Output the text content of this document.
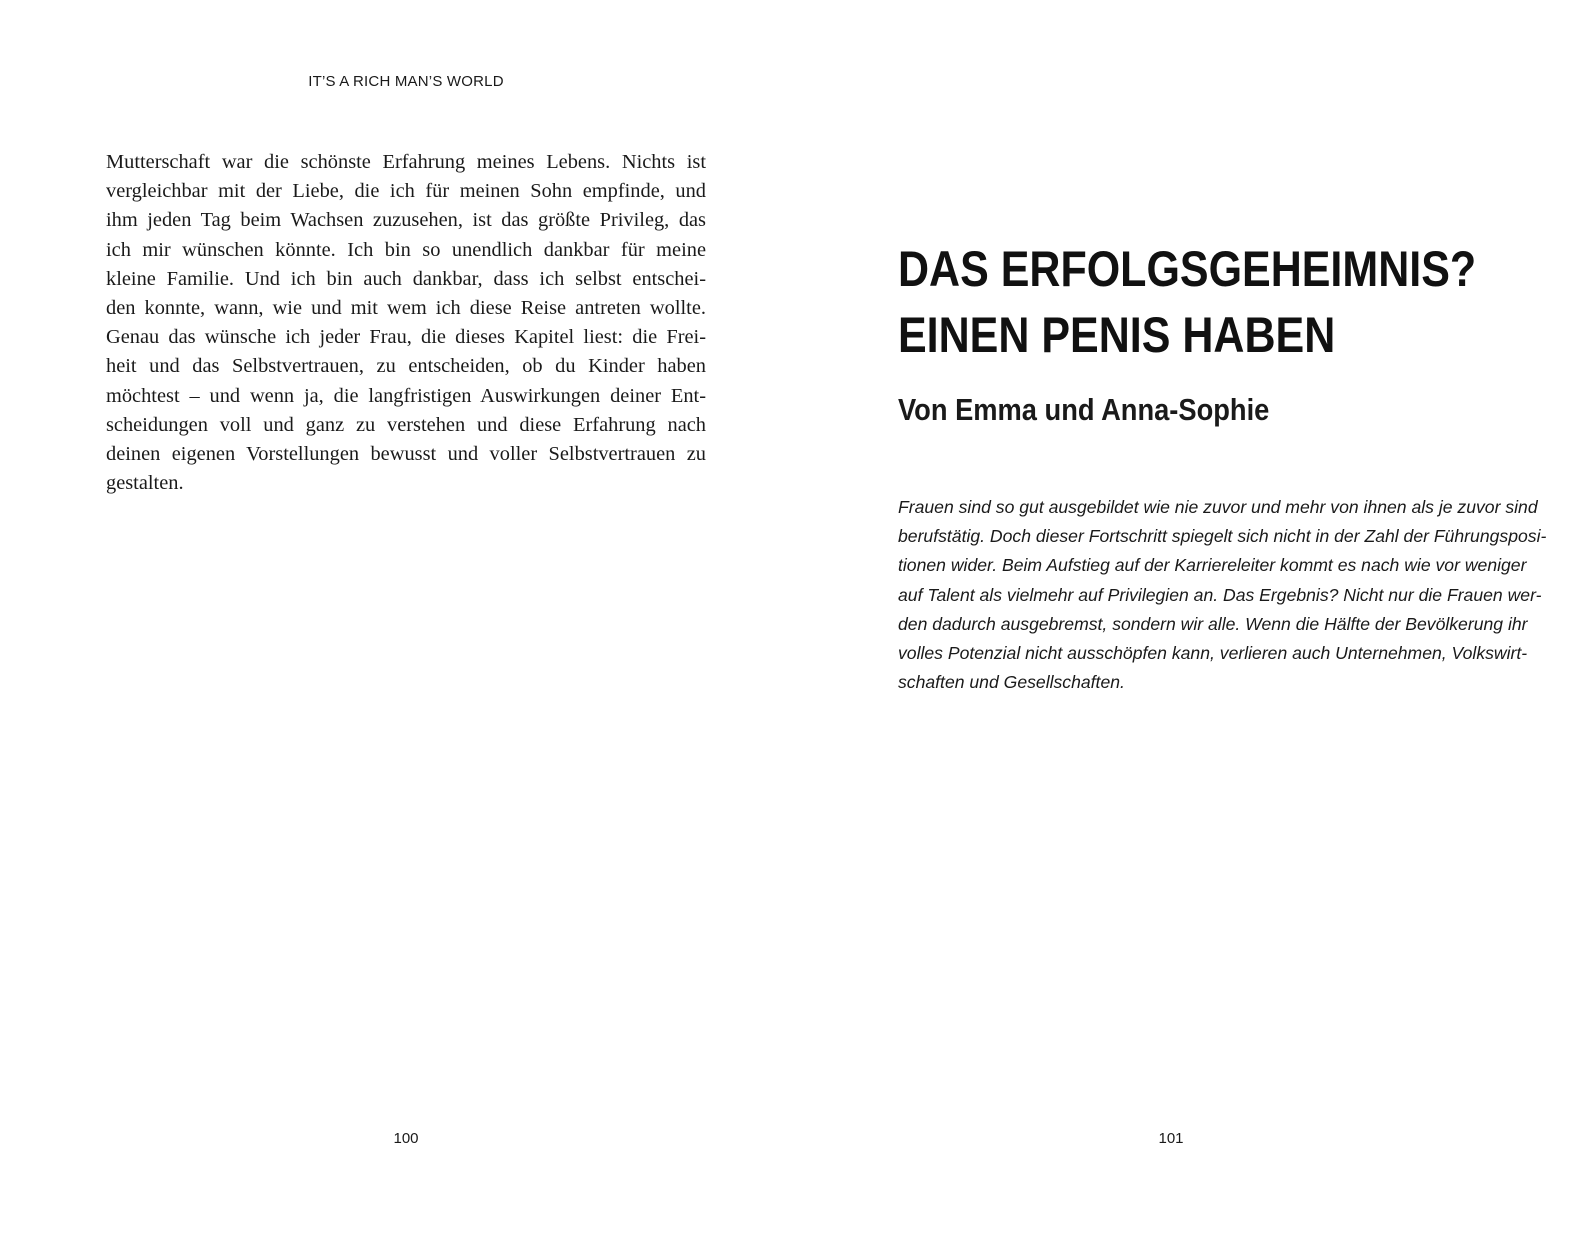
IT’S A RICH MAN’S WORLD

Mutterschaft war die schönste Erfahrung meines Lebens. Nichts ist
vergleichbar mit der Liebe, die ich für meinen Sohn empfinde, und
ihm jeden Tag beim Wachsen zuzusehen, ist das größte Privileg, das
ich mir wünschen könnte. Ich bin so unendlich dankbar für meine
kleine Familie. Und ich bin auch dankbar, dass ich selbst entschei-
den konnte, wann, wie und mit wem ich diese Reise antreten wollte.
Genau das wünsche ich jeder Frau, die dieses Kapitel liest: die Frei-
heit und das Selbstvertrauen, zu entscheiden, ob du Kinder haben
möchtest – und wenn ja, die langfristigen Auswirkungen deiner Ent-
scheidungen voll und ganz zu verstehen und diese Erfahrung nach
deinen eigenen Vorstellungen bewusst und voller Selbstvertrauen zu
gestalten.

100
DAS ERFOLGSGEHEIMNIS?
EINEN PENIS HABEN
Von Emma und Anna-Sophie

Frauen sind so gut ausgebildet wie nie zuvor und mehr von ihnen als je zuvor sind
berufstätig. Doch dieser Fortschritt spiegelt sich nicht in der Zahl der Führungsposi-
tionen wider. Beim Aufstieg auf der Karriereleiter kommt es nach wie vor weniger
auf Talent als vielmehr auf Privilegien an. Das Ergebnis? Nicht nur die Frauen wer-
den dadurch ausgebremst, sondern wir alle. Wenn die Hälfte der Bevölkerung ihr
volles Potenzial nicht ausschöpfen kann, verlieren auch Unternehmen, Volkswirt-
schaften und Gesellschaften.

101
